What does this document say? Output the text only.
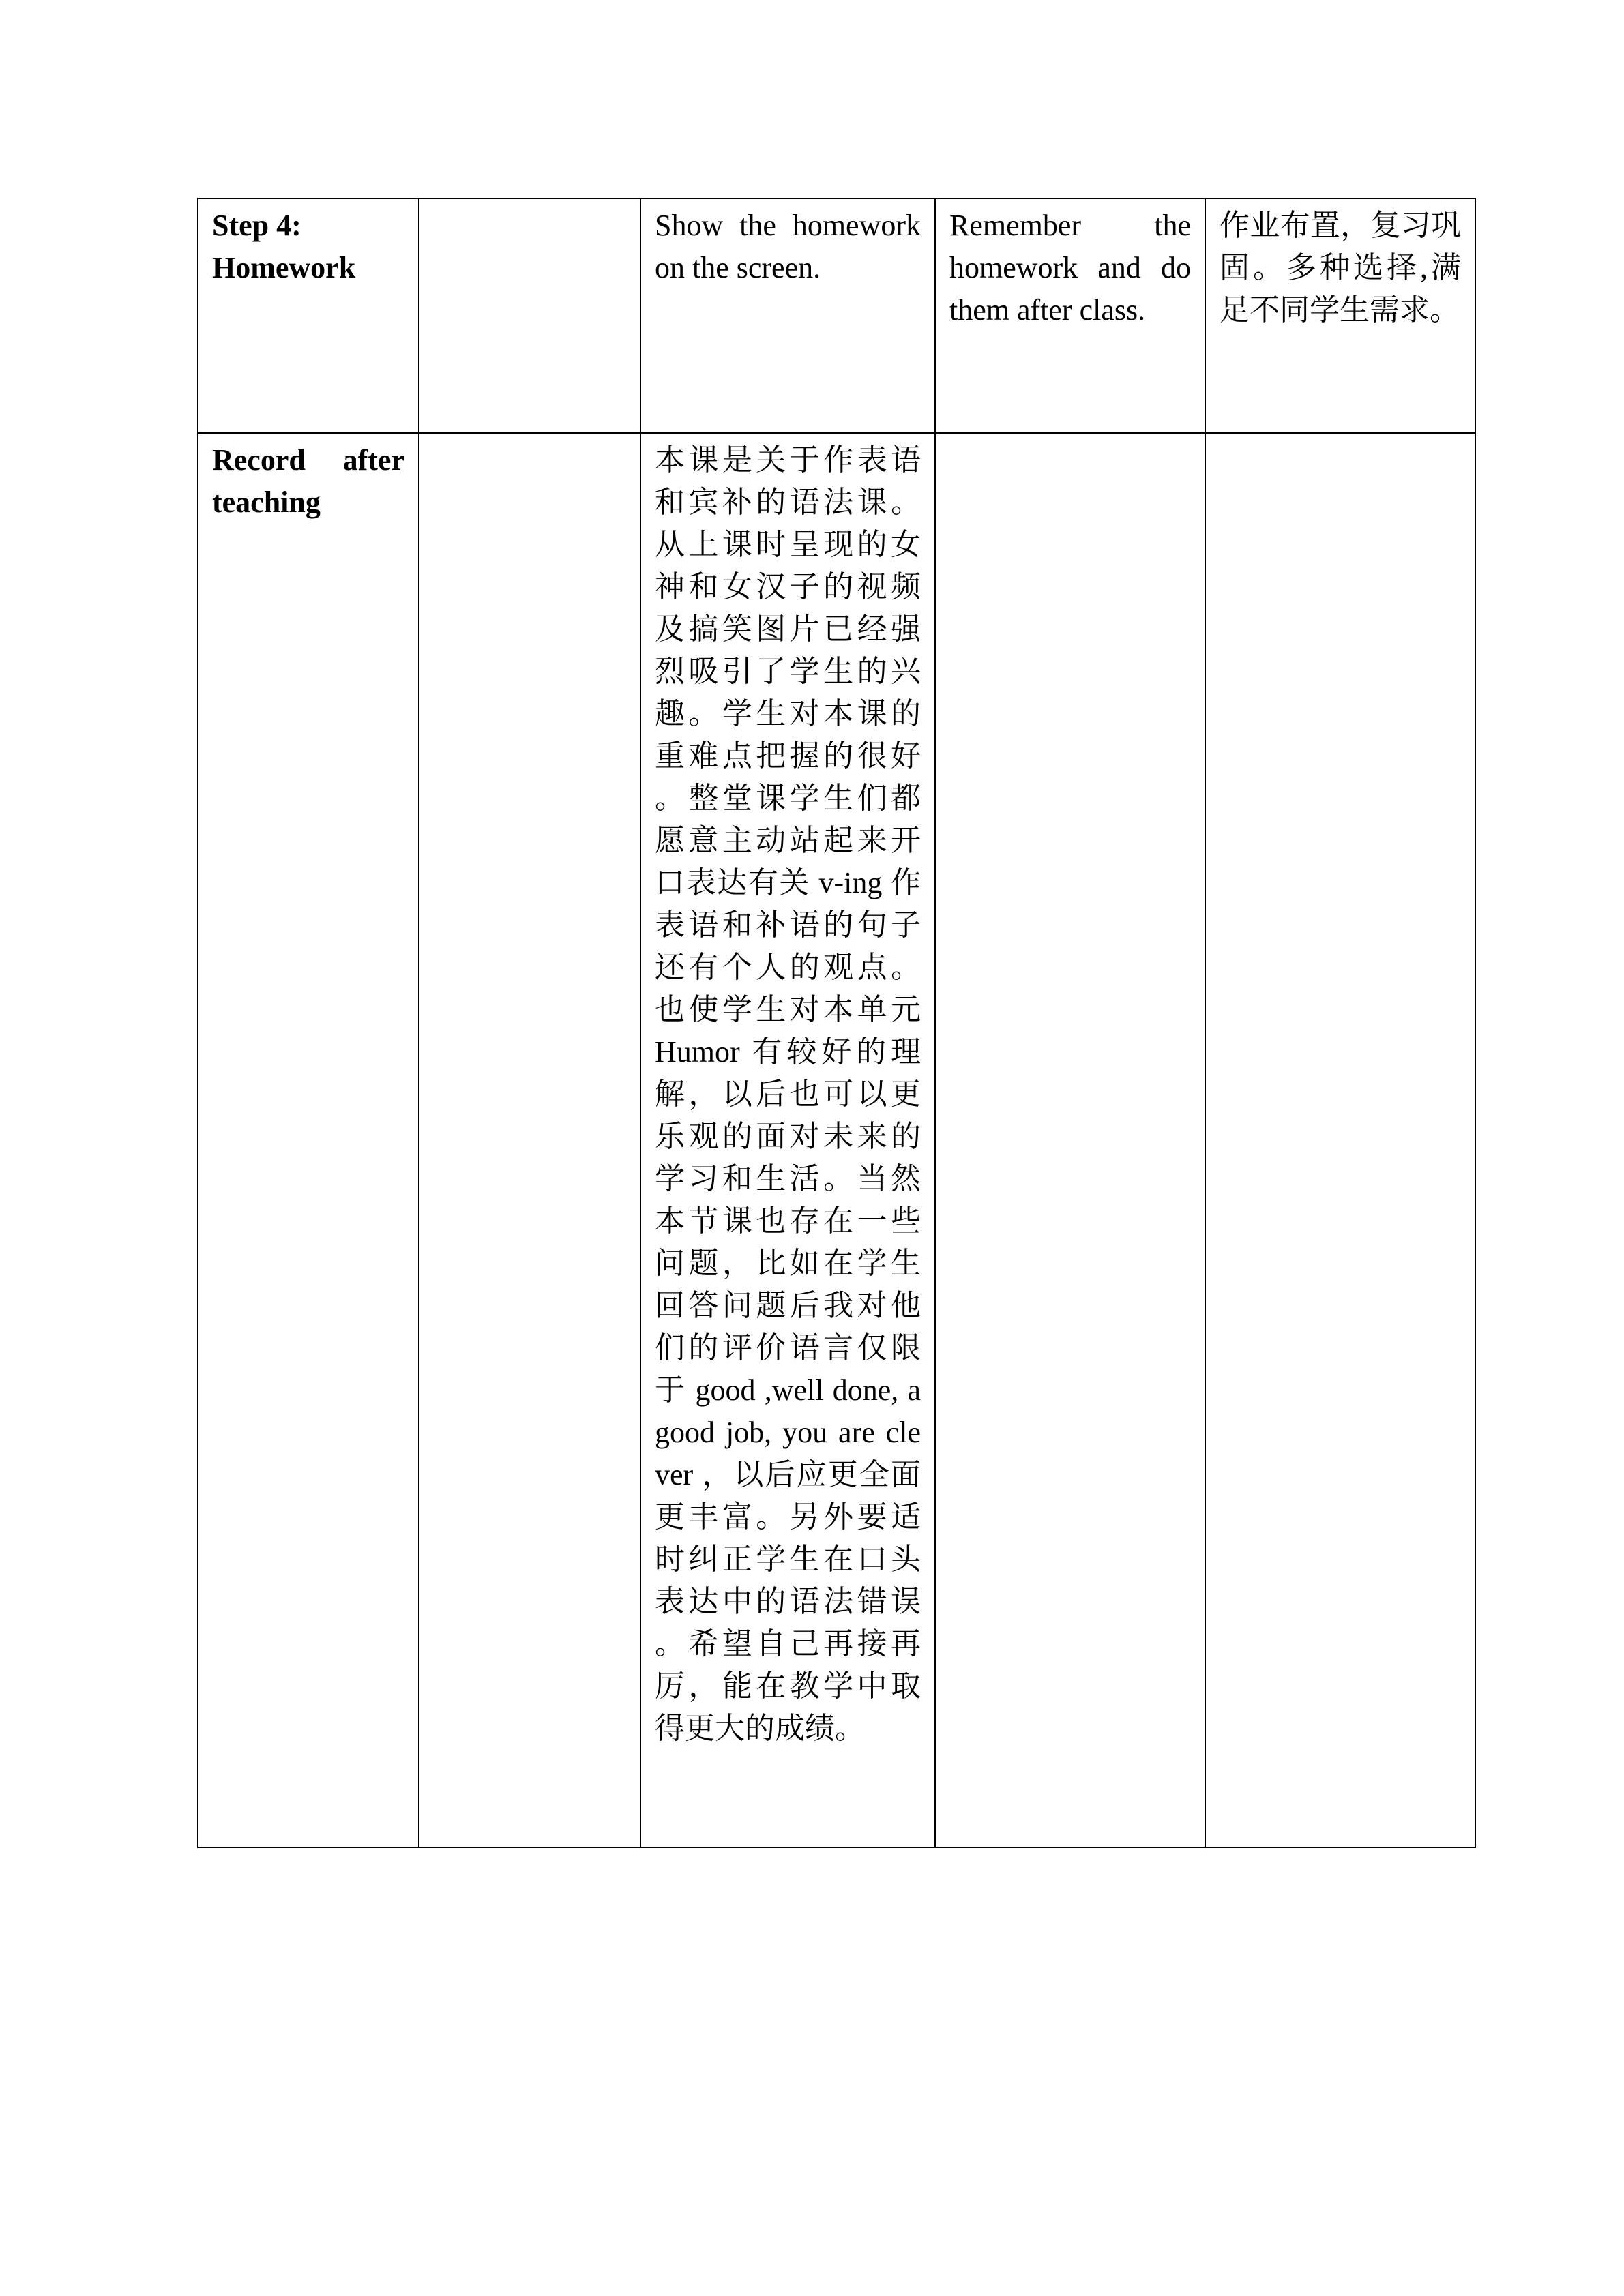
Step 4:
Homework		Show the homework on the screen.	Remember the homework and do them after class.	作业布置，复习巩固。多种选择,满足不同学生需求。

Record after teaching		本课是关于作表语和宾补的语法课。从上课时呈现的女神和女汉子的视频及搞笑图片已经强烈吸引了学生的兴趣。学生对本课的重难点把握的很好。整堂课学生们都愿意主动站起来开口表达有关 v-ing 作表语和补语的句子还有个人的观点。也使学生对本单元 Humor 有较好的理解，以后也可以更乐观的面对未来的学习和生活。当然本节课也存在一些问题，比如在学生回答问题后我对他们的评价语言仅限于 good ,well done, a good job, you are clever ，以后应更全面更丰富。另外要适时纠正学生在口头表达中的语法错误。希望自己再接再厉，能在教学中取得更大的成绩。		
